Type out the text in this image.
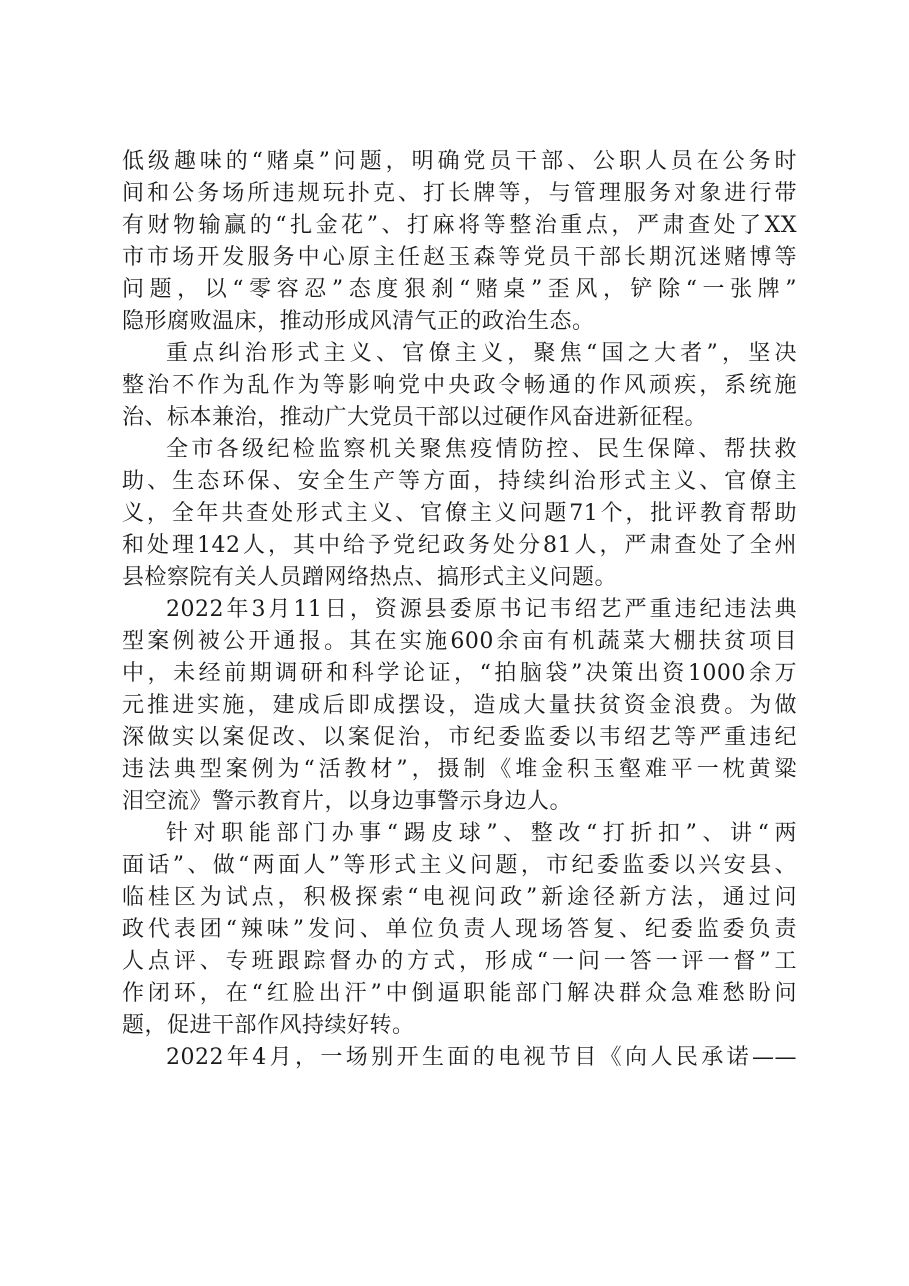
低级趣味的“赌桌”问题，明确党员干部、公职人员在公务时
间和公务场所违规玩扑克、打长牌等，与管理服务对象进行带
有财物输赢的“扎金花”、打麻将等整治重点，严肃查处了XX
市市场开发服务中心原主任赵玉森等党员干部长期沉迷赌博等
问题，以“零容忍”态度狠刹“赌桌”歪风，铲除“一张牌”
隐形腐败温床，推动形成风清气正的政治生态。
重点纠治形式主义、官僚主义，聚焦“国之大者”，坚决
整治不作为乱作为等影响党中央政令畅通的作风顽疾，系统施
治、标本兼治，推动广大党员干部以过硬作风奋进新征程。
全市各级纪检监察机关聚焦疫情防控、民生保障、帮扶救
助、生态环保、安全生产等方面，持续纠治形式主义、官僚主
义，全年共查处形式主义、官僚主义问题71个，批评教育帮助
和处理142人，其中给予党纪政务处分81人，严肃查处了全州
县检察院有关人员蹭网络热点、搞形式主义问题。
2022年3月11日，资源县委原书记韦绍艺严重违纪违法典
型案例被公开通报。其在实施600余亩有机蔬菜大棚扶贫项目
中，未经前期调研和科学论证，“拍脑袋”决策出资1000余万
元推进实施，建成后即成摆设，造成大量扶贫资金浪费。为做
深做实以案促改、以案促治，市纪委监委以韦绍艺等严重违纪
违法典型案例为“活教材”，摄制《堆金积玉壑难平一枕黄粱
泪空流》警示教育片，以身边事警示身边人。
针对职能部门办事“踢皮球”、整改“打折扣”、讲“两
面话”、做“两面人”等形式主义问题，市纪委监委以兴安县、
临桂区为试点，积极探索“电视问政”新途径新方法，通过问
政代表团“辣味”发问、单位负责人现场答复、纪委监委负责
人点评、专班跟踪督办的方式，形成“一问一答一评一督”工
作闭环，在“红脸出汗”中倒逼职能部门解决群众急难愁盼问
题，促进干部作风持续好转。
2022年4月，一场别开生面的电视节目《向人民承诺——
